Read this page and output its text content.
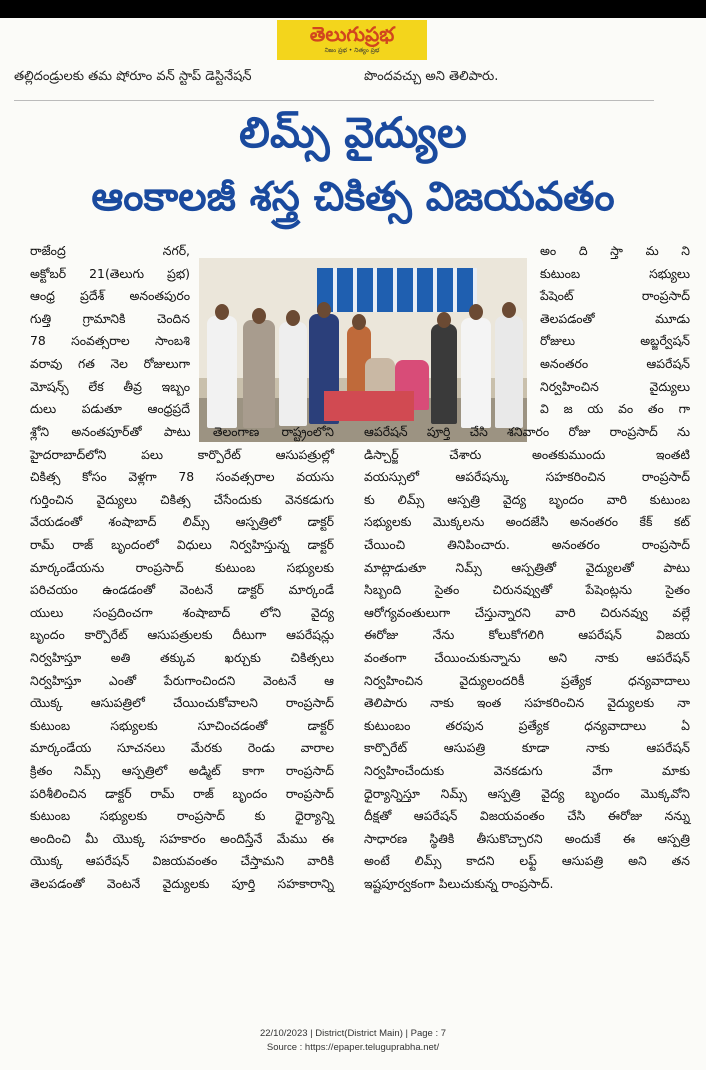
తెలుగుప్రభ
నిజం ప్రభ • నిత్యం ప్రభ
తల్లిదండ్రులకు తమ షోరూం వన్ స్టాప్ డెస్టినేషన్	పొందవచ్చు అని తెలిపారు.
లిమ్స్ వైద్యుల
ఆంకాలజీ శస్త్ర చికిత్స విజయవతం

రాజేంద్ర నగర్,

అక్టోబర్ 21(తెలుగు ప్రభ)

ఆంధ్ర ప్రదేశ్ అనంతపురం

గుత్తి గ్రామానికి చెందిన

78 సంవత్సరాల సాంబశి

వరావు గత నెల రోజులుగా

మోషన్స్ లేక తీవ్ర ఇబ్బం

దులు పడుతూ ఆంధ్రప్రదే

అం ది స్తా మ ని

కుటుంబ సభ్యులు

పేషెంట్ రాంప్రసాద్

తెలపడంతో మూడు

రోజులు అబ్జర్వేషన్

అనంతరం ఆపరేషన్

నిర్వహించిన వైద్యులు

వి జ య వం తం గా

శ్లోని అనంతపూర్‌తో పాటు తెలంగాణ రాష్ట్రంలోని

హైదరాబాద్‌లోని పలు కార్పొరేట్ ఆసుపత్రుల్లో

చికిత్స కోసం వెళ్లగా 78 సంవత్సరాల వయసు

గుర్తించిన వైద్యులు చికిత్స చేసేందుకు వెనకడుగు

వేయడంతో శంషాబాద్ లిమ్స్ ఆస్పత్రిలో డాక్టర్

రామ్ రాజ్ బృందంలో విధులు నిర్వహిస్తున్న డాక్టర్

మార్కండేయను రాంప్రసాద్ కుటుంబ సభ్యులకు

పరిచయం ఉండడంతో వెంటనే డాక్టర్ మార్కండే

యులు సంప్రదించగా శంషాబాద్ లోని వైద్య

బృందం కార్పొరేట్ ఆసుపత్రులకు దీటుగా ఆపరేషన్లు

నిర్వహిస్తూ అతి తక్కువ ఖర్చుకు చికిత్సలు

నిర్వహిస్తూ ఎంతో పేరుగాంచిందని వెంటనే ఆ

యొక్క ఆసుపత్రిలో చేయించుకోవాలని రాంప్రసాద్

కుటుంబ సభ్యులకు సూచించడంతో డాక్టర్

మార్కండేయ సూచనలు మేరకు రెండు వారాల

క్రితం నిమ్స్ ఆస్పత్రిలో అడ్మిట్ కాగా రాంప్రసాద్

పరిశీలించిన డాక్టర్ రామ్ రాజ్ బృందం రాంప్రసాద్

కుటుంబ సభ్యులకు రాంప్రసాద్ కు ధైర్యాన్ని

అందించి మీ యొక్క సహకారం అందిస్తేనే మేము ఈ

యొక్క ఆపరేషన్ విజయవంతం చేస్తామని వారికి

తెలపడంతో వెంటనే వైద్యులకు పూర్తి సహకారాన్ని

ఆపరేషన్ పూర్తి చేసి శనివారం రోజు రాంప్రసాద్ ను

డిస్చార్జ్ చేశారు అంతకుముందు ఇంతటి

వయస్సులో ఆపరేషన్కు సహకరించిన రాంప్రసాద్

కు లిమ్స్ ఆస్పత్రి వైద్య బృందం వారి కుటుంబ

సభ్యులకు మొక్కలను అందజేసి అనంతరం కేక్ కట్

చేయించి తినిపించారు. అనంతరం రాంప్రసాద్

మాట్లాడుతూ నిమ్స్ ఆస్పత్రితో వైద్యులతో పాటు

సిబ్బంది సైతం చిరునవ్వుతో పేషెంట్లను సైతం

ఆరోగ్యవంతులుగా చేస్తున్నారని వారి చిరునవ్వు వల్లే

ఈరోజు నేను కోలుకోగలిగి ఆపరేషన్ విజయ

వంతంగా చేయించుకున్నాను అని నాకు ఆపరేషన్

నిర్వహించిన వైద్యులందరికీ ప్రత్యేక ధన్యవాదాలు

తెలిపారు నాకు ఇంత సహకరించిన వైద్యులకు నా

కుటుంబం తరపున ప్రత్యేక ధన్యవాదాలు ఏ

కార్పొరేట్ ఆసుపత్రి కూడా నాకు ఆపరేషన్

నిర్వహించేందుకు వెనకడుగు వేగా మాకు

ధైర్యాన్నిస్తూ నిమ్స్ ఆస్పత్రి వైద్య బృందం మొక్కవోని

దీక్షతో ఆపరేషన్ విజయవంతం చేసి ఈరోజు నన్ను

సాధారణ స్థితికి తీసుకొచ్చారని అందుకే ఈ ఆస్పత్రి

అంటే లిమ్స్ కాదని లఫ్ట్ ఆసుపత్రి అని తన

ఇష్టపూర్వకంగా పిలుచుకున్న రాంప్రసాద్.

22/10/2023 | District(District Main) | Page : 7
Source : https://epaper.teluguprabha.net/
